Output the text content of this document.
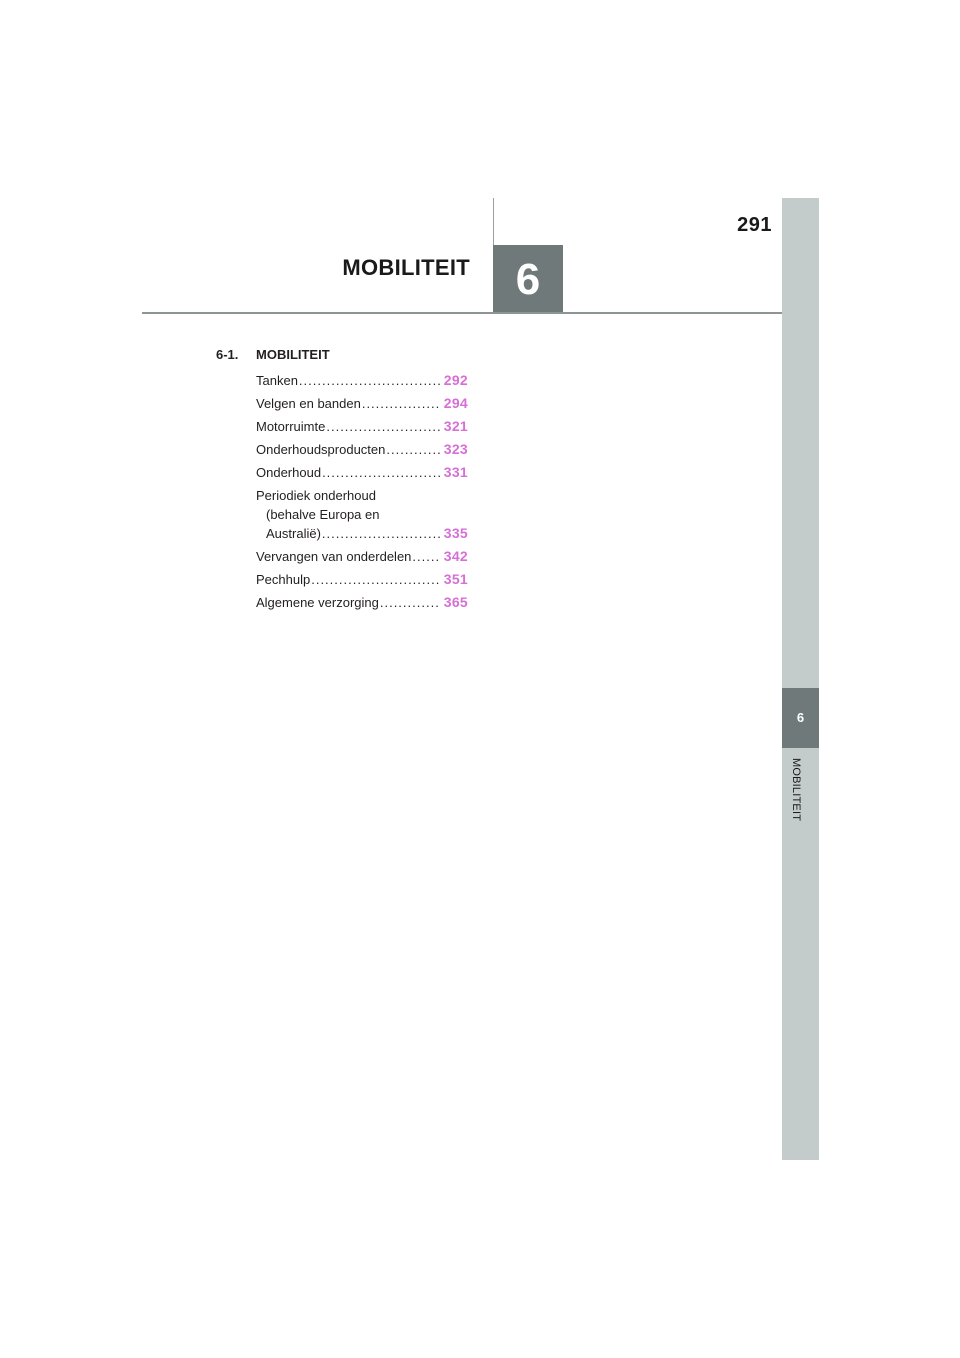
291
MOBILITEIT	6
6
MOBILITEIT
6-1. MOBILITEIT
Tanken .....	292
Velgen en banden .....	294
Motorruimte .....	321
Onderhoudsproducten .....	323
Onderhoud .....	331
Periodiek onderhoud
(behalve Europa en
Australië) .....	335
Vervangen van onderdelen ..... 342
Pechhulp .....	351
Algemene verzorging .....	365
